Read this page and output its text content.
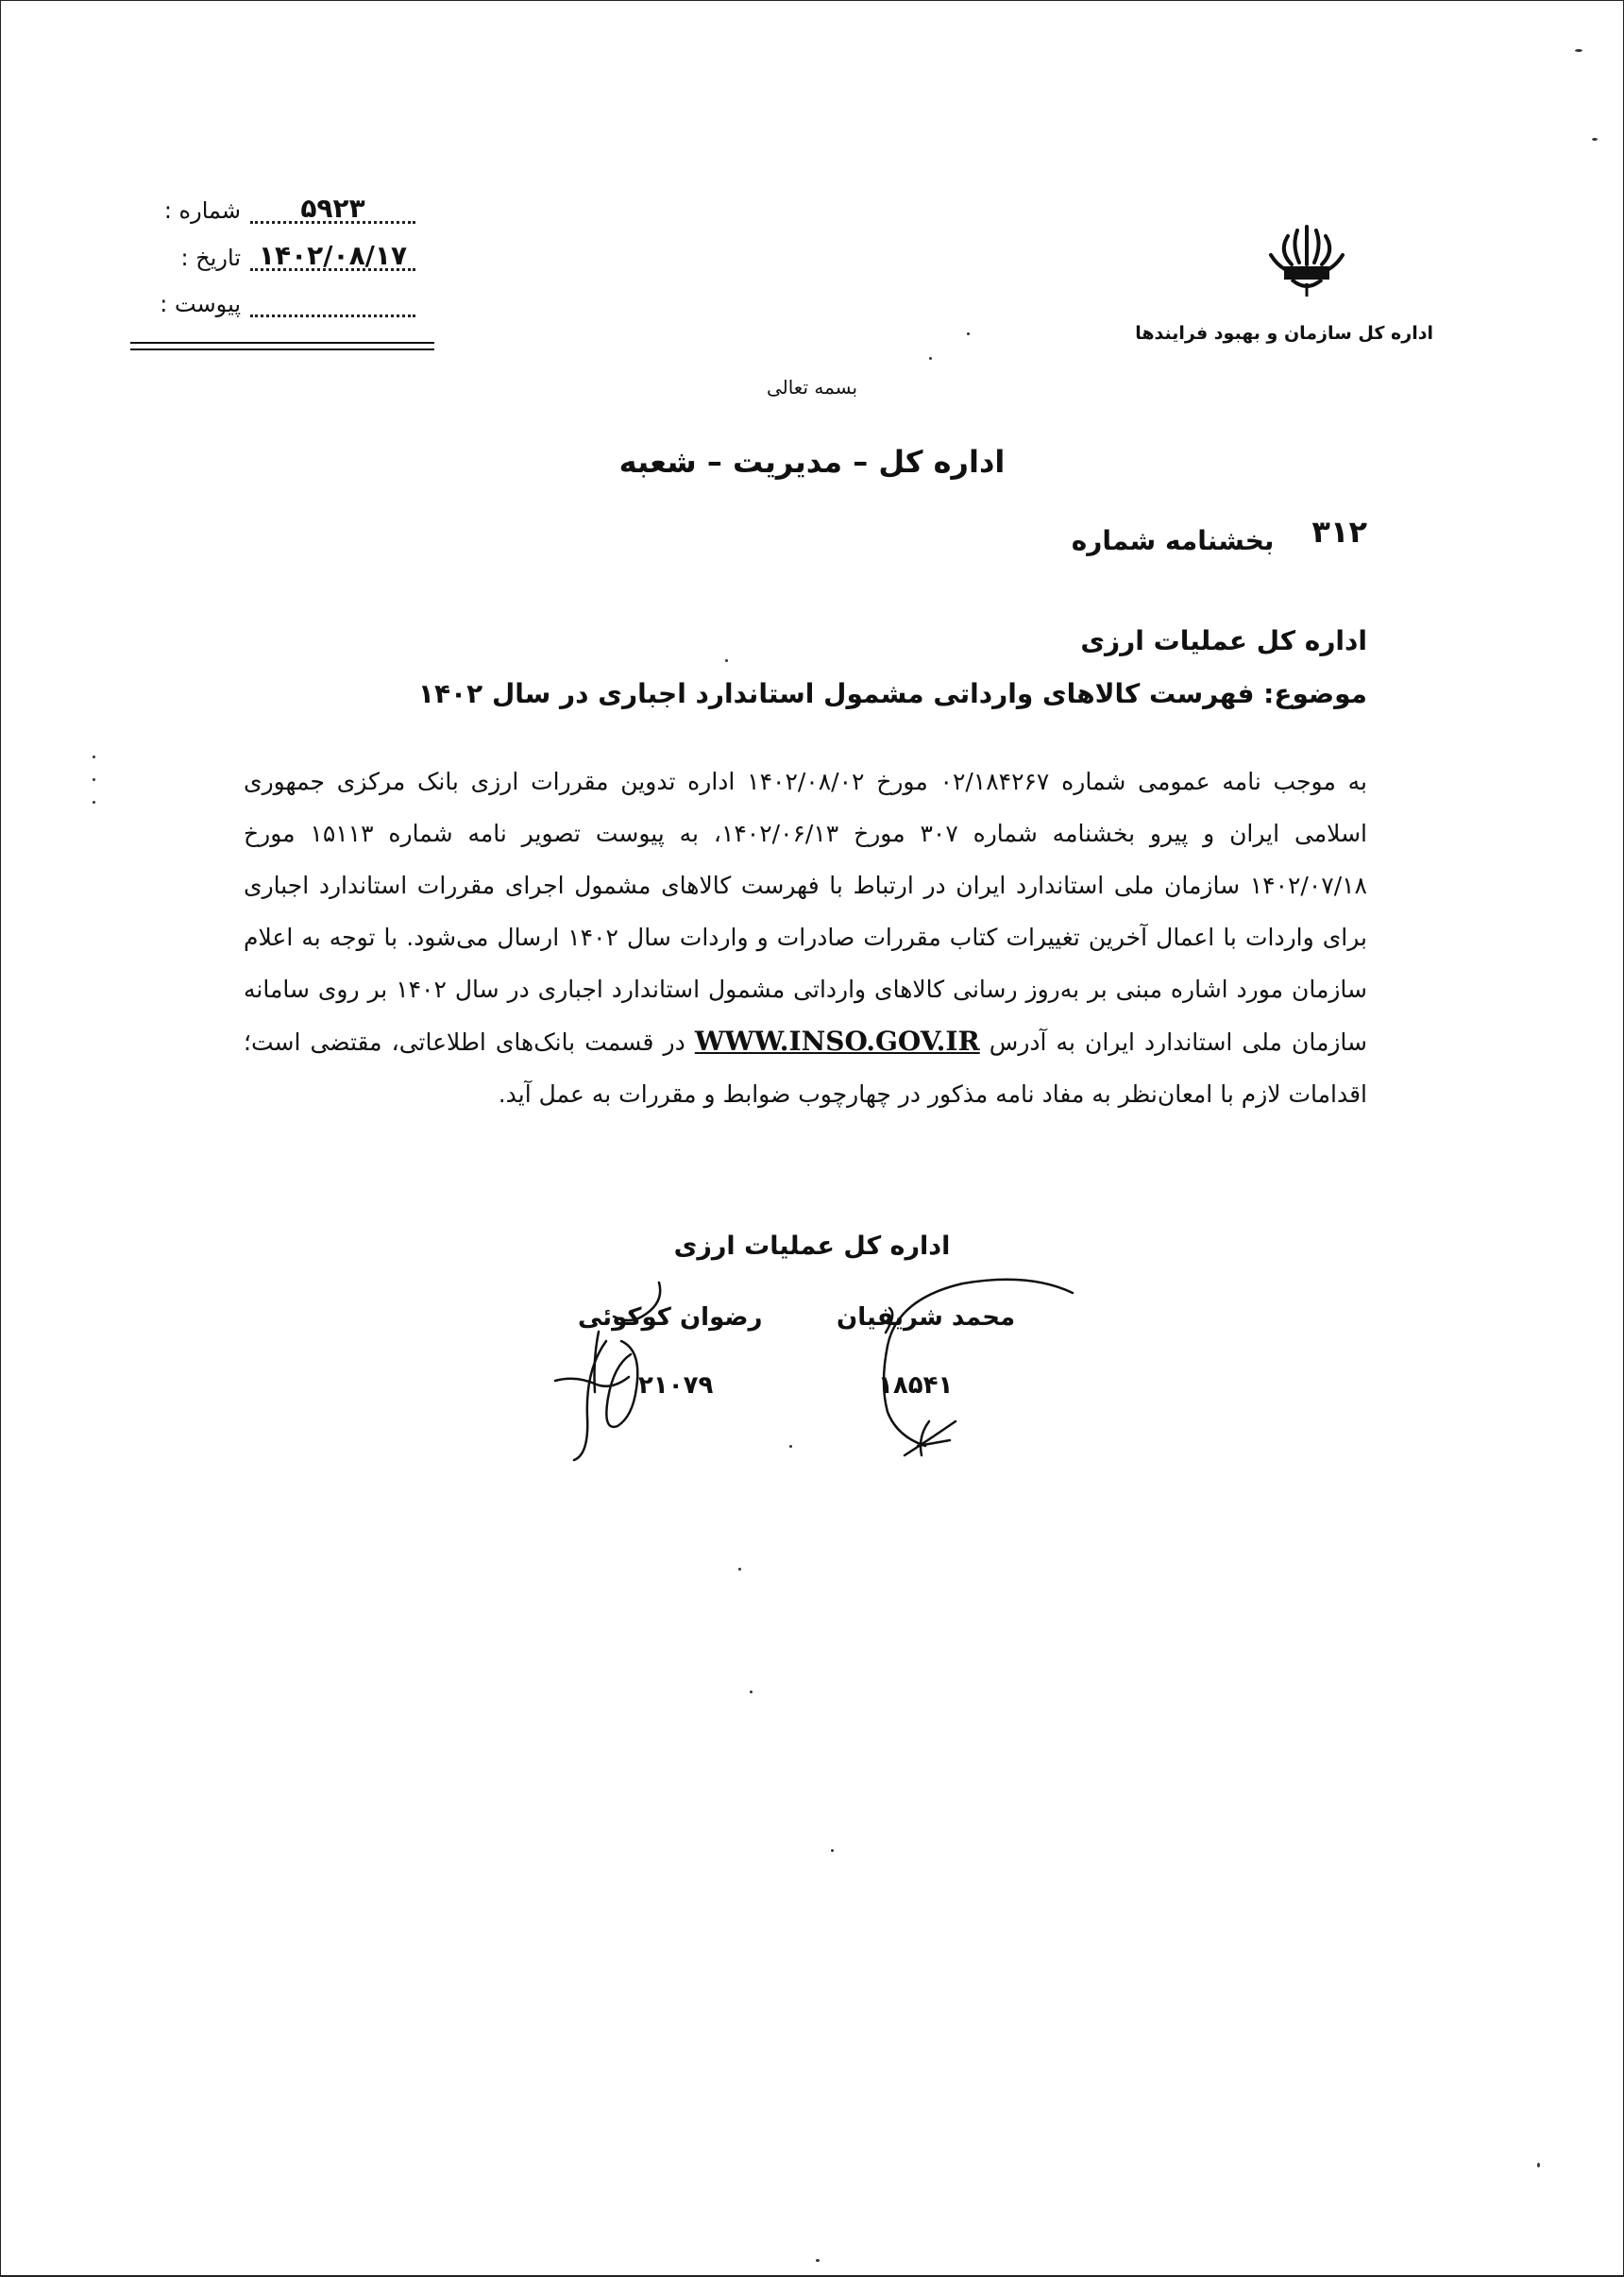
شماره :	۵۹۲۳
تاریخ : ۱۴۰۲/۰۸/۱۷
پیوست :
اداره کل سازمان و بهبود فرایندها
بسمه تعالی
اداره کل – مدیریت – شعبه
بخشنامه شماره ۳۱۲
اداره کل عملیات ارزی
موضوع: فهرست کالاهای وارداتی مشمول استاندارد اجباری در سال ۱۴۰۲
به موجب نامه عمومی شماره ۰۲/۱۸۴۲۶۷ مورخ ۱۴۰۲/۰۸/۰۲ اداره تدوین مقررات ارزی بانک مرکزی جمهوری اسلامی ایران و پیرو بخشنامه شماره ۳۰۷ مورخ ۱۴۰۲/۰۶/۱۳، به پیوست تصویر نامه شماره ۱۵۱۱۳ مورخ ۱۴۰۲/۰۷/۱۸ سازمان ملی استاندارد ایران در ارتباط با فهرست کالاهای مشمول اجرای مقررات استاندارد اجباری برای واردات با اعمال آخرین تغییرات کتاب مقررات صادرات و واردات سال ۱۴۰۲ ارسال می‌شود. با توجه به اعلام سازمان مورد اشاره مبنی بر به‌روز رسانی کالاهای وارداتی مشمول استاندارد اجباری در سال ۱۴۰۲ بر روی سامانه سازمان ملی استاندارد ایران به آدرس WWW.INSO.GOV.IR در قسمت بانک‌های اطلاعاتی، مقتضی است؛ اقدامات لازم با امعان‌نظر به مفاد نامه مذکور در چهارچوب ضوابط و مقررات به عمل آید.
اداره کل عملیات ارزی
رضوان کوکوئی
۲۱۰۷۹
محمد شریفیان
۱۸۵۴۱
